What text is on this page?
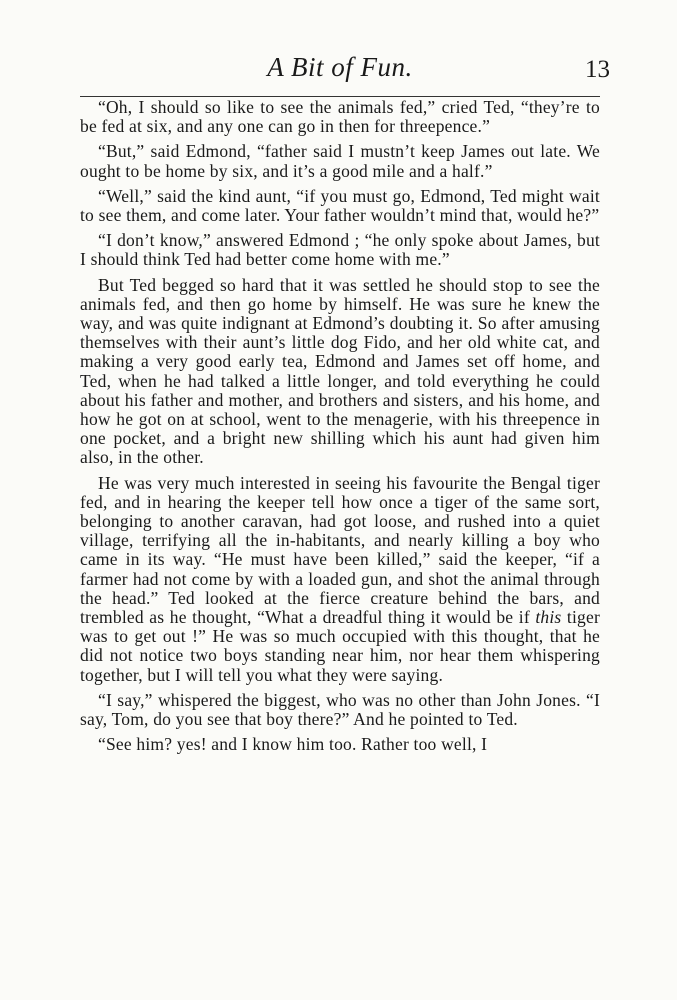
A Bit of Fun.	13

“Oh, I should so like to see the animals fed,” cried Ted, “they’re to be fed at six, and any one can go in then for threepence.”

“But,” said Edmond, “father said I mustn’t keep James out late. We ought to be home by six, and it’s a good mile and a half.”

“Well,” said the kind aunt, “if you must go, Edmond, Ted might wait to see them, and come later. Your father wouldn’t mind that, would he?”

“I don’t know,” answered Edmond ; “he only spoke about James, but I should think Ted had better come home with me.”

But Ted begged so hard that it was settled he should stop to see the animals fed, and then go home by himself. He was sure he knew the way, and was quite indignant at Edmond’s doubting it. So after amusing themselves with their aunt’s little dog Fido, and her old white cat, and making a very good early tea, Edmond and James set off home, and Ted, when he had talked a little longer, and told everything he could about his father and mother, and brothers and sisters, and his home, and how he got on at school, went to the menagerie, with his threepence in one pocket, and a bright new shilling which his aunt had given him also, in the other.

He was very much interested in seeing his favourite the Bengal tiger fed, and in hearing the keeper tell how once a tiger of the same sort, belonging to another caravan, had got loose, and rushed into a quiet village, terrifying all the in-habitants, and nearly killing a boy who came in its way. “He must have been killed,” said the keeper, “if a farmer had not come by with a loaded gun, and shot the animal through the head.” Ted looked at the fierce creature behind the bars, and trembled as he thought, “What a dreadful thing it would be if this tiger was to get out !” He was so much occupied with this thought, that he did not notice two boys standing near him, nor hear them whispering together, but I will tell you what they were saying.

“I say,” whispered the biggest, who was no other than John Jones. “I say, Tom, do you see that boy there?” And he pointed to Ted.

“See him? yes! and I know him too. Rather too well, I
